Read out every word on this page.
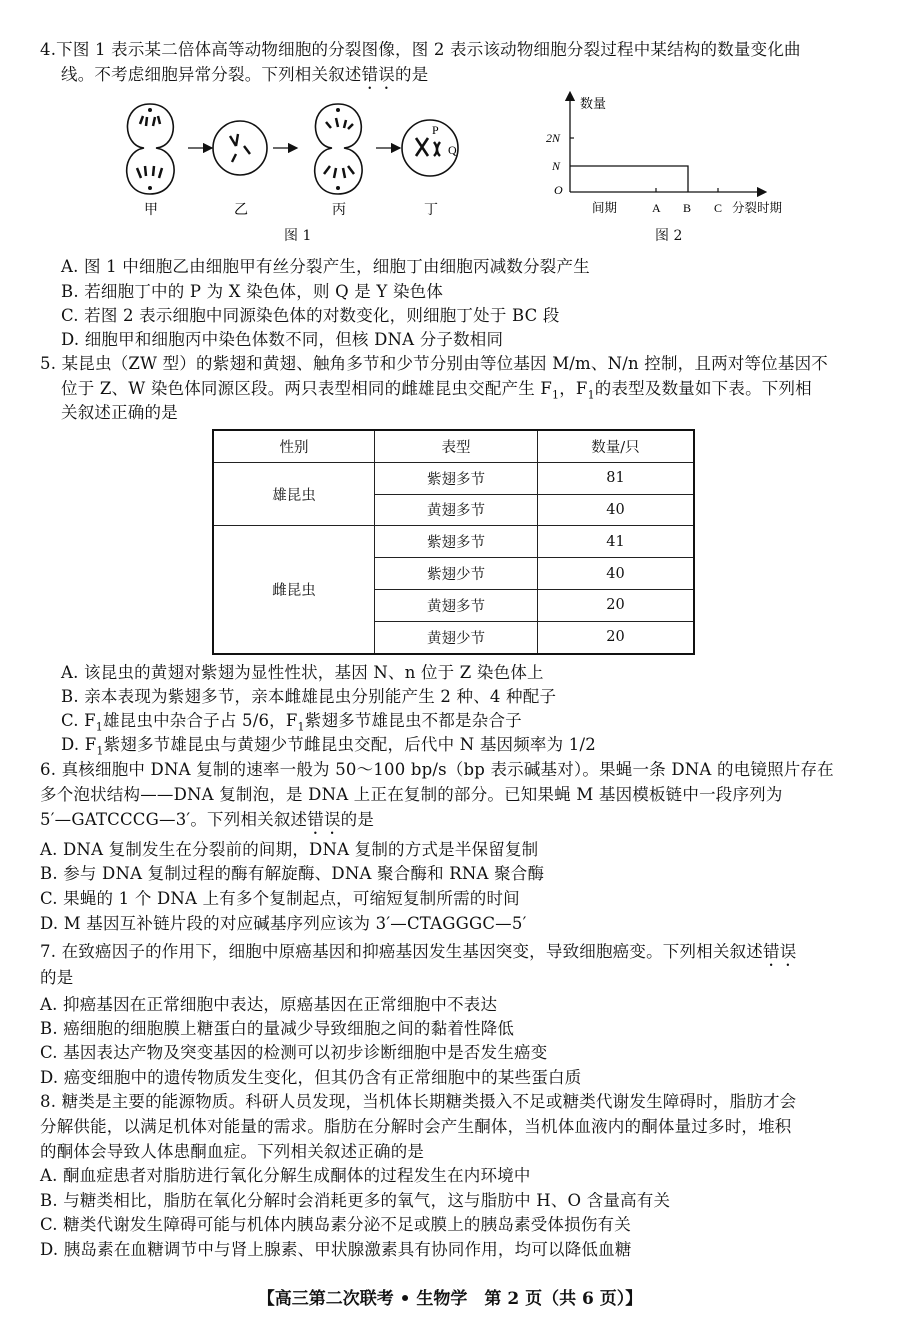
4.下图 1 表示某二倍体高等动物细胞的分裂图像，图 2 表示该动物细胞分裂过程中某结构的数量变化曲
线。不考虑细胞异常分裂。下列相关叙述错误的是
P
Q
甲	乙	丙	丁
图 1
数量
2N
N
O
间期	A B C 分裂时期
图 2
A. 图 1 中细胞乙由细胞甲有丝分裂产生，细胞丁由细胞丙减数分裂产生
B. 若细胞丁中的 P 为 X 染色体，则 Q 是 Y 染色体
C. 若图 2 表示细胞中同源染色体的对数变化，则细胞丁处于 BC 段
D. 细胞甲和细胞丙中染色体数不同，但核 DNA 分子数相同
5. 某昆虫（ZW 型）的紫翅和黄翅、触角多节和少节分别由等位基因 M/m、N/n 控制，且两对等位基因不
位于 Z、W 染色体同源区段。两只表型相同的雌雄昆虫交配产生 $F_1$，$F_1$的表型及数量如下表。下列相
关叙述正确的是
性别	表型	数量/只
雄昆虫	紫翅多节	81
	黄翅多节	40
雌昆虫	紫翅多节	41
	紫翅少节	40
	黄翅多节	20
	黄翅少节	20
A. 该昆虫的黄翅对紫翅为显性性状，基因 N、n 位于 Z 染色体上
B. 亲本表现为紫翅多节，亲本雌雄昆虫分别能产生 2 种、4 种配子
C. $F_1$雄昆虫中杂合子占 5/6，$F_1$紫翅多节雄昆虫不都是杂合子
D. $F_1$紫翅多节雄昆虫与黄翅少节雌昆虫交配，后代中 N 基因频率为 1/2
6. 真核细胞中 DNA 复制的速率一般为 50～100 bp/s（bp 表示碱基对）。果蝇一条 DNA 的电镜照片存在
多个泡状结构——DNA 复制泡，是 DNA 上正在复制的部分。已知果蝇 M 基因模板链中一段序列为
5′—GATCCCG—3′。下列相关叙述错误的是
A. DNA 复制发生在分裂前的间期，DNA 复制的方式是半保留复制
B. 参与 DNA 复制过程的酶有解旋酶、DNA 聚合酶和 RNA 聚合酶
C. 果蝇的 1 个 DNA 上有多个复制起点，可缩短复制所需的时间
D. M 基因互补链片段的对应碱基序列应该为 3′—CTAGGGC—5′
7. 在致癌因子的作用下，细胞中原癌基因和抑癌基因发生基因突变，导致细胞癌变。下列相关叙述错误
的是
A. 抑癌基因在正常细胞中表达，原癌基因在正常细胞中不表达
B. 癌细胞的细胞膜上糖蛋白的量减少导致细胞之间的黏着性降低
C. 基因表达产物及突变基因的检测可以初步诊断细胞中是否发生癌变
D. 癌变细胞中的遗传物质发生变化，但其仍含有正常细胞中的某些蛋白质
8. 糖类是主要的能源物质。科研人员发现，当机体长期糖类摄入不足或糖类代谢发生障碍时，脂肪才会
分解供能，以满足机体对能量的需求。脂肪在分解时会产生酮体，当机体血液内的酮体量过多时，堆积
的酮体会导致人体患酮血症。下列相关叙述正确的是
A. 酮血症患者对脂肪进行氧化分解生成酮体的过程发生在内环境中
B. 与糖类相比，脂肪在氧化分解时会消耗更多的氧气，这与脂肪中 H、O 含量高有关
C. 糖类代谢发生障碍可能与机体内胰岛素分泌不足或膜上的胰岛素受体损伤有关
D. 胰岛素在血糖调节中与肾上腺素、甲状腺激素具有协同作用，均可以降低血糖
【高三第二次联考 • 生物学　第 2 页（共 6 页）】
